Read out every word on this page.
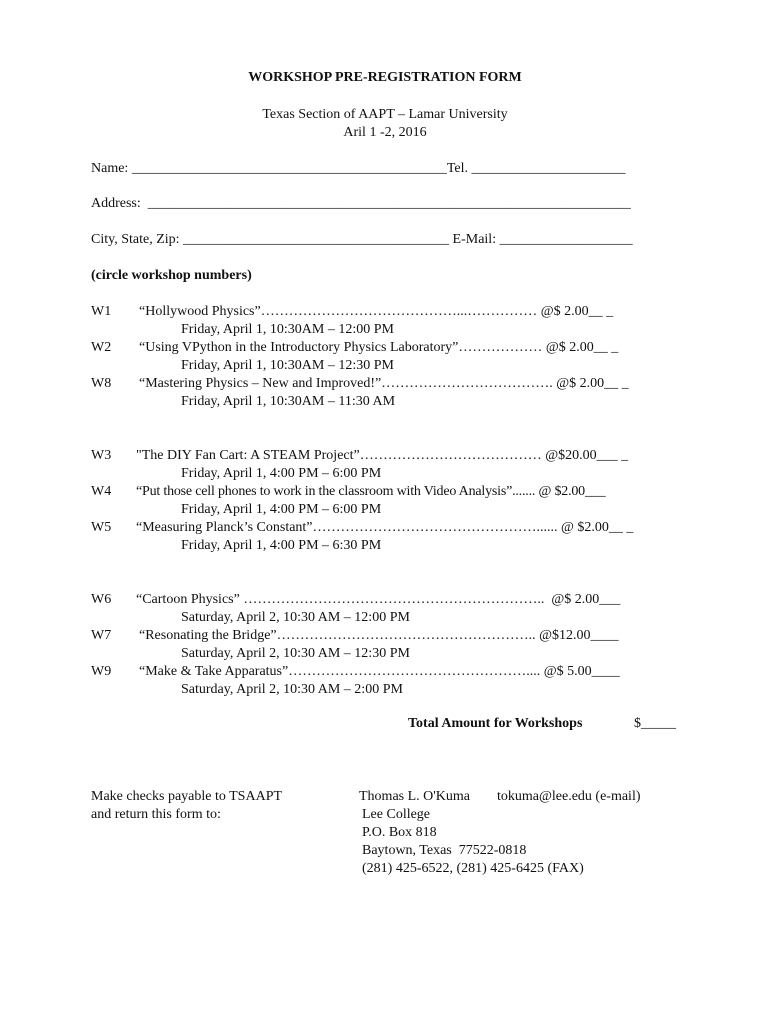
WORKSHOP PRE-REGISTRATION FORM
Texas Section of AAPT – Lamar University
Aril 1 -2, 2016
Name: _____________________________________________Tel. ______________________
Address:  _____________________________________________________________________
City, State, Zip: ______________________________________ E-Mail: ___________________
(circle workshop numbers)
W1 “Hollywood Physics”……………………………………...…………… @$ 2.00__ _
Friday, April 1, 10:30AM – 12:00 PM
W2 “Using VPython in the Introductory Physics Laboratory”……………… @$ 2.00__ _
Friday, April 1, 10:30AM – 12:30 PM
W8 “Mastering Physics – New and Improved!”………………………………. @$ 2.00__ _
Friday, April 1, 10:30AM – 11:30 AM
W3 "The DIY Fan Cart: A STEAM Project”………………………………… @$20.00___ _
Friday, April 1, 4:00 PM – 6:00 PM
W4 “Put those cell phones to work in the classroom with Video Analysis”....... @ $2.00___
Friday, April 1, 4:00 PM – 6:00 PM
W5 “Measuring Planck’s Constant”…………………………………………...... @ $2.00__ _
Friday, April 1, 4:00 PM – 6:30 PM
W6 “Cartoon Physics” ………………………………………………………..  @$ 2.00___
Saturday, April 2, 10:30 AM – 12:00 PM
W7 “Resonating the Bridge”……………………………………………….. @$12.00____
Saturday, April 2, 10:30 AM – 12:30 PM
W9 “Make & Take Apparatus”…………………………………………….... @$ 5.00____
Saturday, April 2, 10:30 AM – 2:00 PM
Total Amount for Workshops	$_____
Make checks payable to TSAAPT
and return this form to:
Thomas L. O'Kuma tokuma@lee.edu (e-mail)
Lee College
P.O. Box 818
Baytown, Texas  77522-0818
(281) 425-6522, (281) 425-6425 (FAX)
